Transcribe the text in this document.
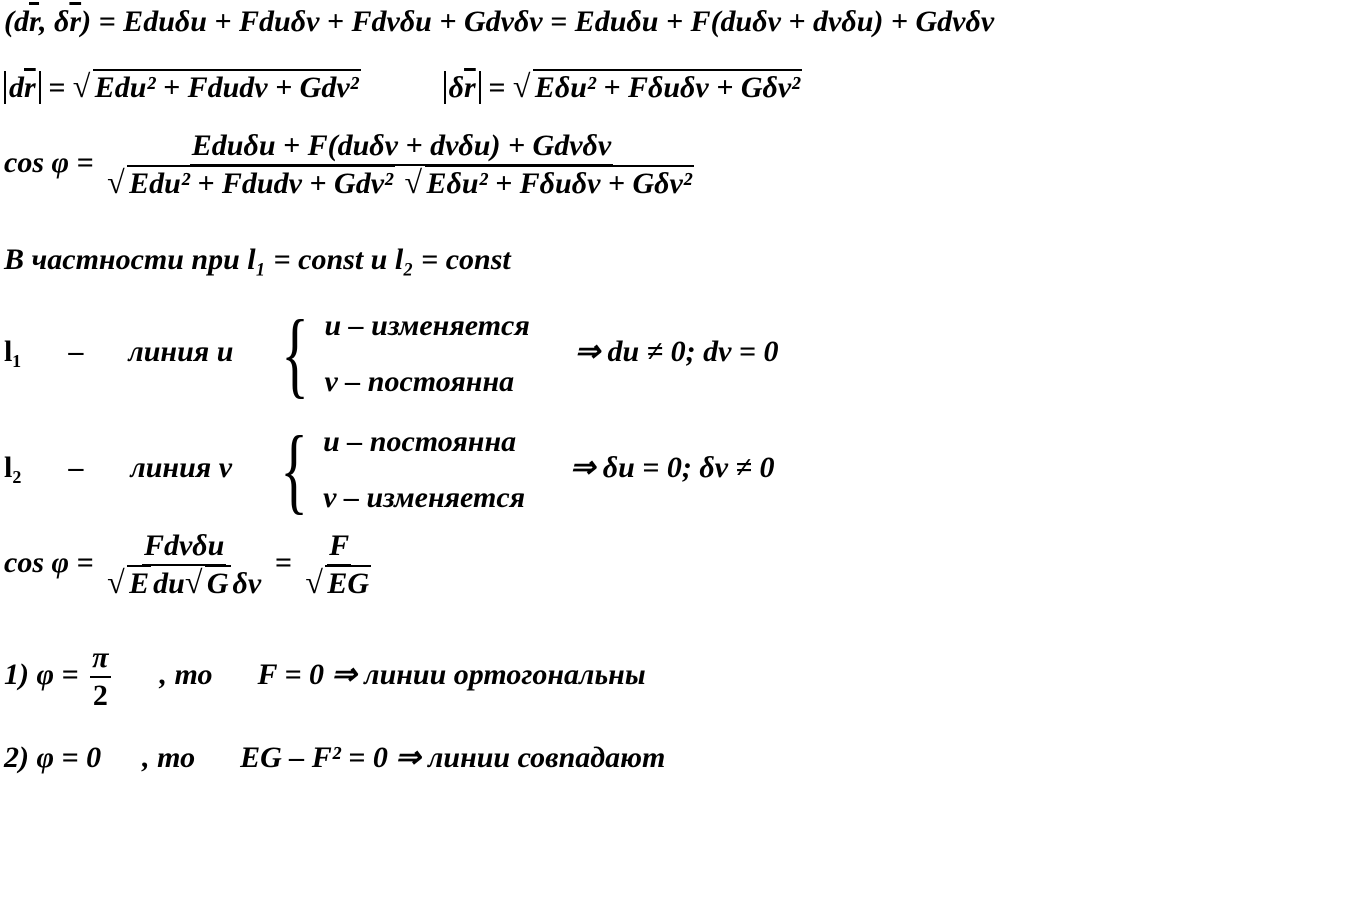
($d\overline{r}$, $\delta\overline{r}) = Edu\delta u + Fdu\delta v + Fdv\delta u + Gdv\delta v = Edu\delta u + F(du\delta v + dv\delta u) + Gdv\delta v$
$d\overline{r}$ = √ Edu² + Fdudv + Gdv²	$\delta\overline{r}$ = √ Eδu² + Fδuδv + Gδv²
cos φ = Eduδu + F(duδv + dvδu) + Gdvδv
√ Edu² + Fdudv + Gdv² √ Eδu² + Fδuδv + Gδv²
В частности при l₁ = const и l₂ = const
l₁ – линия u { u – изменяется
v – постоянна
⇒ du ≠ 0; dv = 0
l₂ – линия v { u – постоянна
v – изменяется
⇒ δu = 0; δv ≠ 0
cos φ = Fdvδu
√ E du √ G δv = F
√ EG
1) $\varphi = \frac{\pi}{2}$ , то F = 0 ⇒ линии ортогональны
2) φ = 0 , то EG – F² = 0 ⇒ линии совпадают
